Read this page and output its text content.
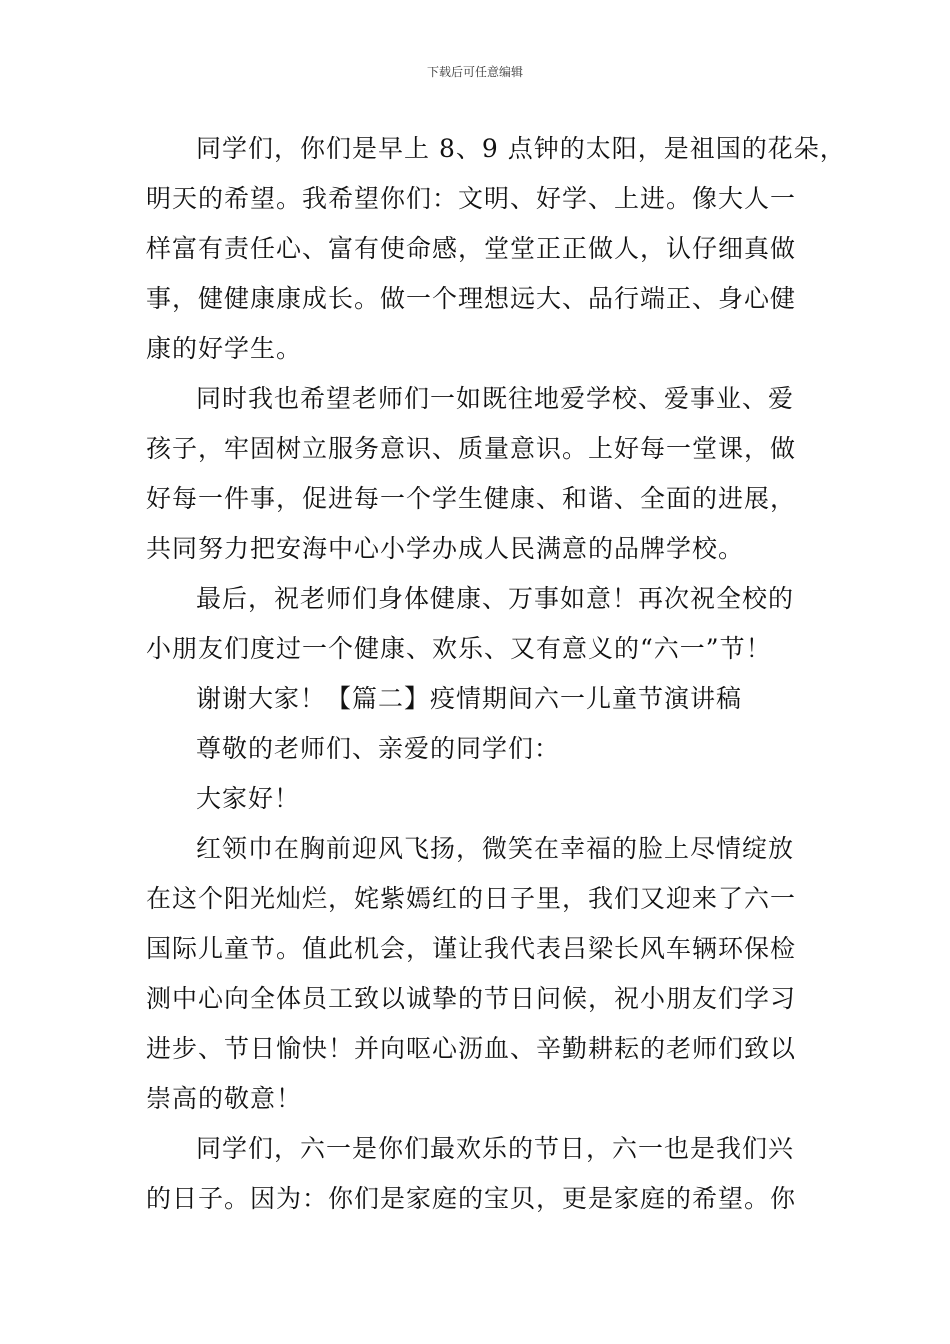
下载后可任意编辑
同学们，你们是早上 8、9 点钟的太阳，是祖国的花朵，
明天的希望。我希望你们：文明、好学、上进。像大人一
样富有责任心、富有使命感，堂堂正正做人，认仔细真做
事，健健康康成长。做一个理想远大、品行端正、身心健
康的好学生。
同时我也希望老师们一如既往地爱学校、爱事业、爱
孩子，牢固树立服务意识、质量意识。上好每一堂课，做
好每一件事，促进每一个学生健康、和谐、全面的进展，
共同努力把安海中心小学办成人民满意的品牌学校。
最后，祝老师们身体健康、万事如意！再次祝全校的
小朋友们度过一个健康、欢乐、又有意义的“六一”节！
谢谢大家！【篇二】疫情期间六一儿童节演讲稿
尊敬的老师们、亲爱的同学们：
大家好！
红领巾在胸前迎风飞扬，微笑在幸福的脸上尽情绽放
在这个阳光灿烂，姹紫嫣红的日子里，我们又迎来了六一
国际儿童节。值此机会，谨让我代表吕梁长风车辆环保检
测中心向全体员工致以诚挚的节日问候，祝小朋友们学习
进步、节日愉快！并向呕心沥血、辛勤耕耘的老师们致以
崇高的敬意！
同学们，六一是你们最欢乐的节日，六一也是我们兴
的日子。因为：你们是家庭的宝贝，更是家庭的希望。你
